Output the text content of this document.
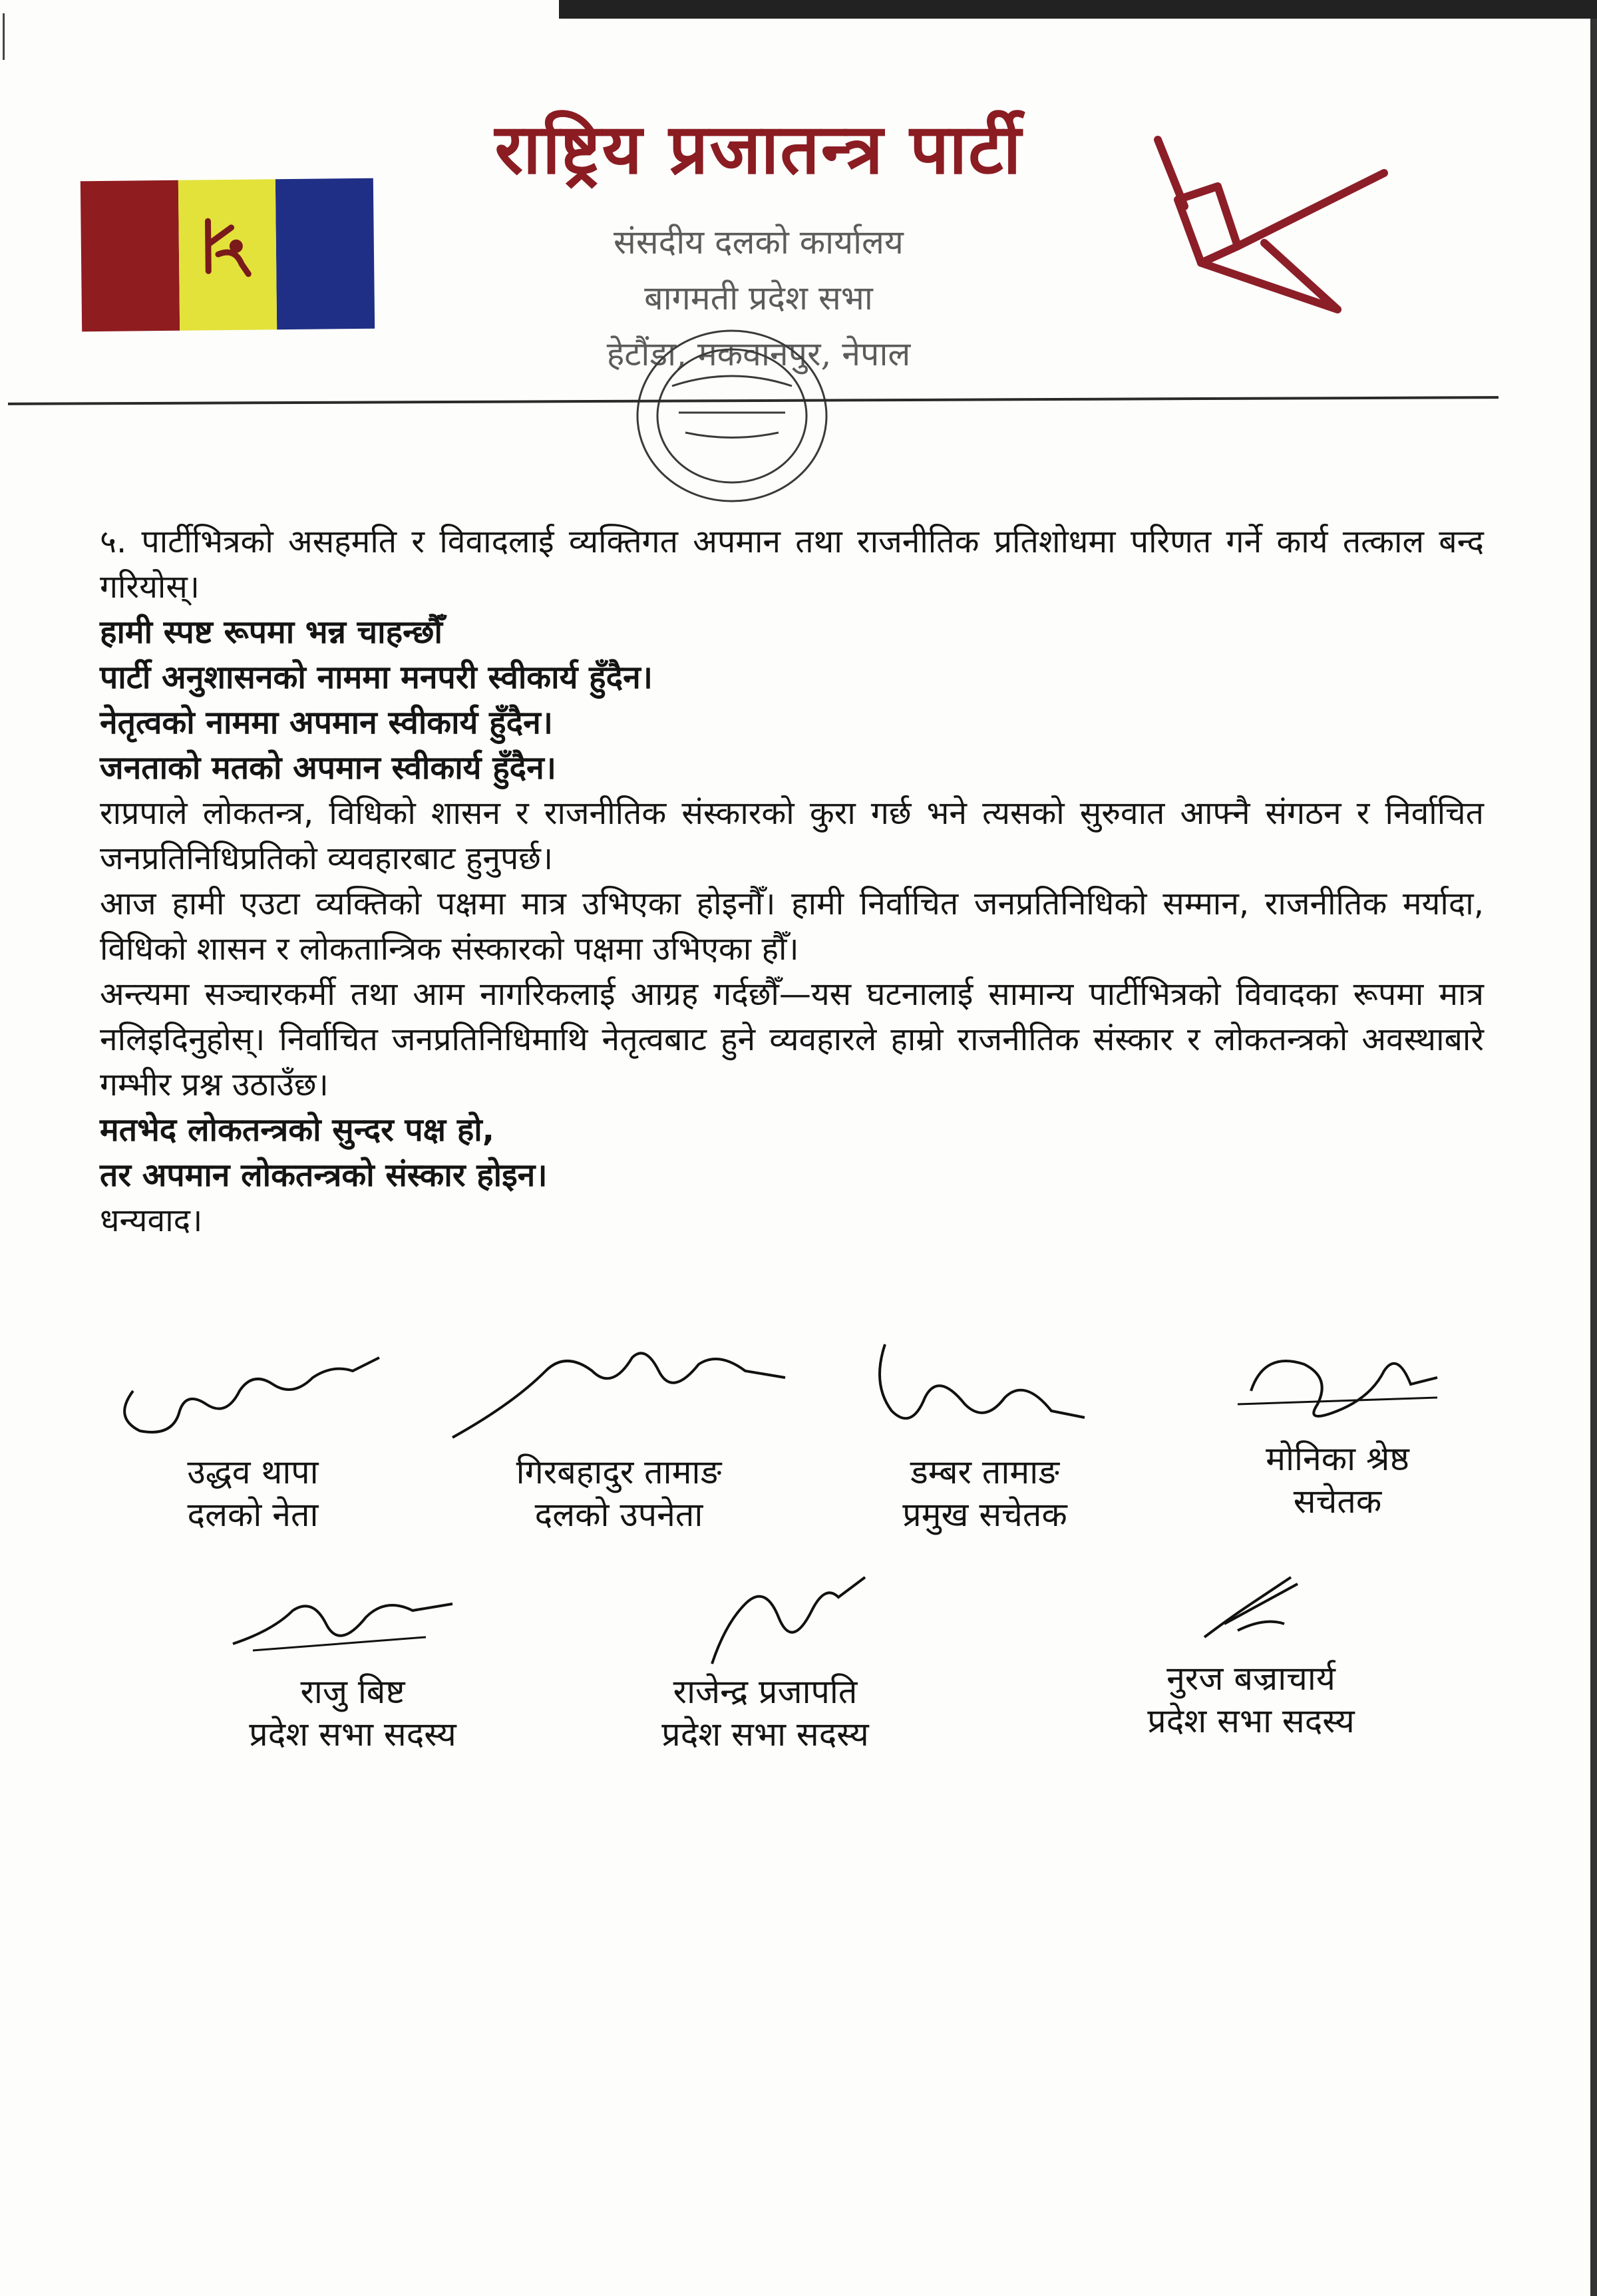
राष्ट्रिय प्रजातन्त्र पार्टी
संसदीय दलको कार्यालय
बागमती प्रदेश सभा
हेटौंडा, मकवानपुर, नेपाल

५. पार्टीभित्रको असहमति र विवादलाई व्यक्तिगत अपमान तथा राजनीतिक प्रतिशोधमा परिणत गर्ने कार्य तत्काल बन्द गरियोस्।

हामी स्पष्ट रूपमा भन्न चाहन्छौँ

पार्टी अनुशासनको नाममा मनपरी स्वीकार्य हुँदैन।

नेतृत्वको नाममा अपमान स्वीकार्य हुँदैन।

जनताको मतको अपमान स्वीकार्य हुँदैन।

राप्रपाले लोकतन्त्र, विधिको शासन र राजनीतिक संस्कारको कुरा गर्छ भने त्यसको सुरुवात आफ्नै संगठन र निर्वाचित जनप्रतिनिधिप्रतिको व्यवहारबाट हुनुपर्छ।

आज हामी एउटा व्यक्तिको पक्षमा मात्र उभिएका होइनौँ। हामी निर्वाचित जनप्रतिनिधिको सम्मान, राजनीतिक मर्यादा, विधिको शासन र लोकतान्त्रिक संस्कारको पक्षमा उभिएका हौँ।

अन्त्यमा सञ्चारकर्मी तथा आम नागरिकलाई आग्रह गर्दछौँ—यस घटनालाई सामान्य पार्टीभित्रको विवादका रूपमा मात्र नलिइदिनुहोस्। निर्वाचित जनप्रतिनिधिमाथि नेतृत्वबाट हुने व्यवहारले हाम्रो राजनीतिक संस्कार र लोकतन्त्रको अवस्थाबारे गम्भीर प्रश्न उठाउँछ।

मतभेद लोकतन्त्रको सुन्दर पक्ष हो,

तर अपमान लोकतन्त्रको संस्कार होइन।

धन्यवाद।

उद्धव थापा
दलको नेता
गिरबहादुर तामाङ
दलको उपनेता
डम्बर तामाङ
प्रमुख सचेतक
मोनिका श्रेष्ठ
सचेतक
राजु बिष्ट
प्रदेश सभा सदस्य
राजेन्द्र प्रजापति
प्रदेश सभा सदस्य
नुरज बज्राचार्य
प्रदेश सभा सदस्य
